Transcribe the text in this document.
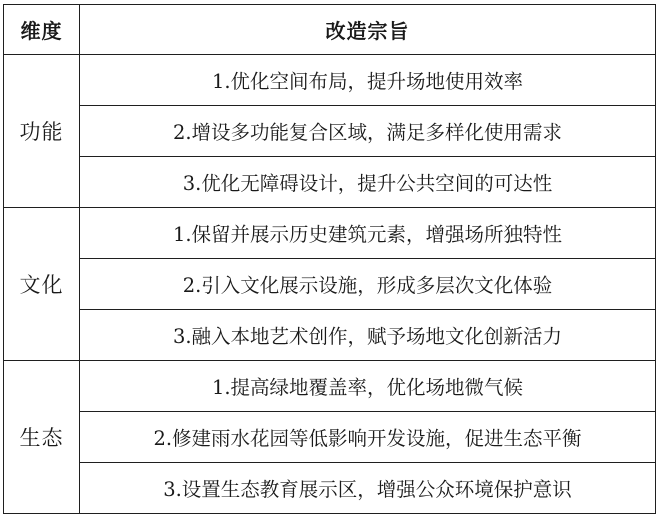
维度	改造宗旨
功能	1.优化空间布局，提升场地使用效率
	2.增设多功能复合区域，满足多样化使用需求
	3.优化无障碍设计，提升公共空间的可达性
文化	1.保留并展示历史建筑元素，增强场所独特性
	2.引入文化展示设施，形成多层次文化体验
	3.融入本地艺术创作，赋予场地文化创新活力
生态	1.提高绿地覆盖率，优化场地微气候
	2.修建雨水花园等低影响开发设施，促进生态平衡
	3.设置生态教育展示区，增强公众环境保护意识
